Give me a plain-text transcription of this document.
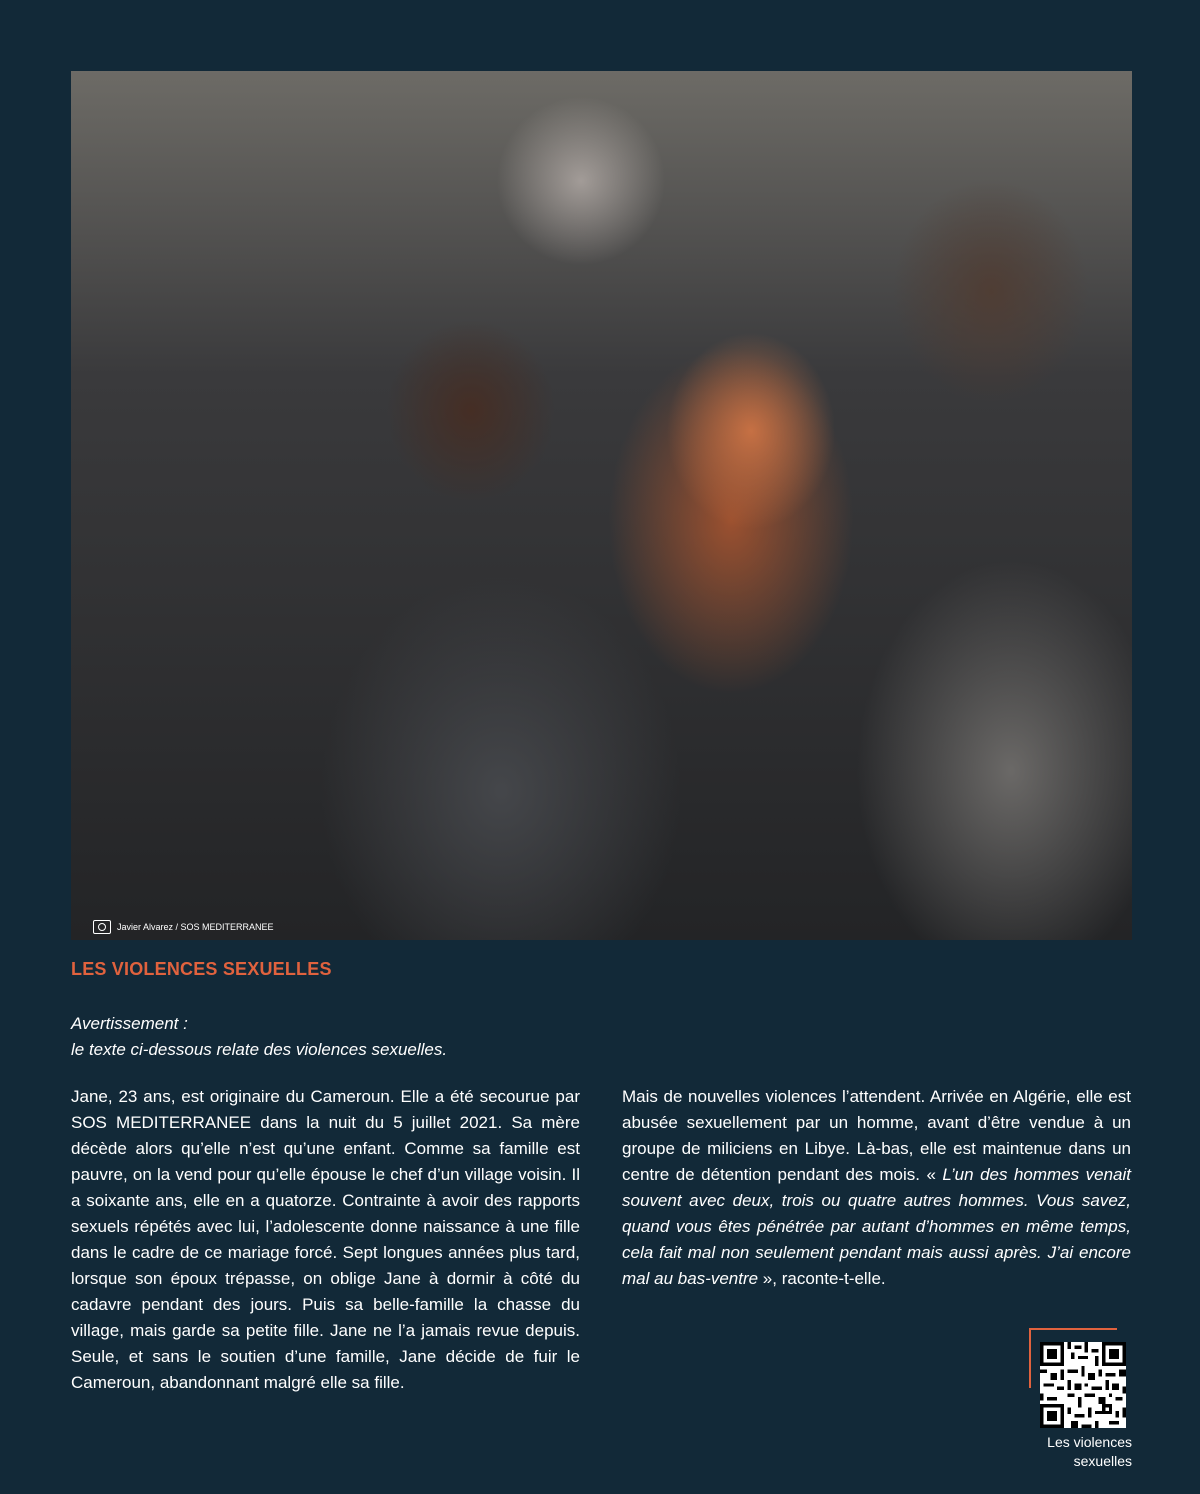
Javier Alvarez / SOS MEDITERRANEE
LES VIOLENCES SEXUELLES
Avertissement :
le texte ci-dessous relate des violences sexuelles.
Jane, 23 ans, est originaire du Cameroun. Elle a été secourue par SOS MEDITERRANEE dans la nuit du 5 juillet 2021. Sa mère décède alors qu’elle n’est qu’une enfant. Comme sa famille est pauvre, on la vend pour qu’elle épouse le chef d’un village voisin. Il a soixante ans, elle en a quatorze. Contrainte à avoir des rapports sexuels répétés avec lui, l’adolescente donne naissance à une fille dans le cadre de ce mariage forcé. Sept longues années plus tard, lorsque son époux trépasse, on oblige Jane à dormir à côté du cadavre pendant des jours. Puis sa belle-famille la chasse du village, mais garde sa petite fille. Jane ne l’a jamais revue depuis. Seule, et sans le soutien d’une famille, Jane décide de fuir le Cameroun, abandonnant malgré elle sa fille.
Mais de nouvelles violences l’attendent. Arrivée en Algérie, elle est abusée sexuellement par un homme, avant d’être vendue à un groupe de miliciens en Libye. Là-bas, elle est maintenue dans un centre de détention pendant des mois. « L’un des hommes venait souvent avec deux, trois ou quatre autres hommes. Vous savez, quand vous êtes pénétrée par autant d’hommes en même temps, cela fait mal non seulement pendant mais aussi après. J’ai encore mal au bas-ventre », raconte-t-elle.
Les violences
sexuelles
